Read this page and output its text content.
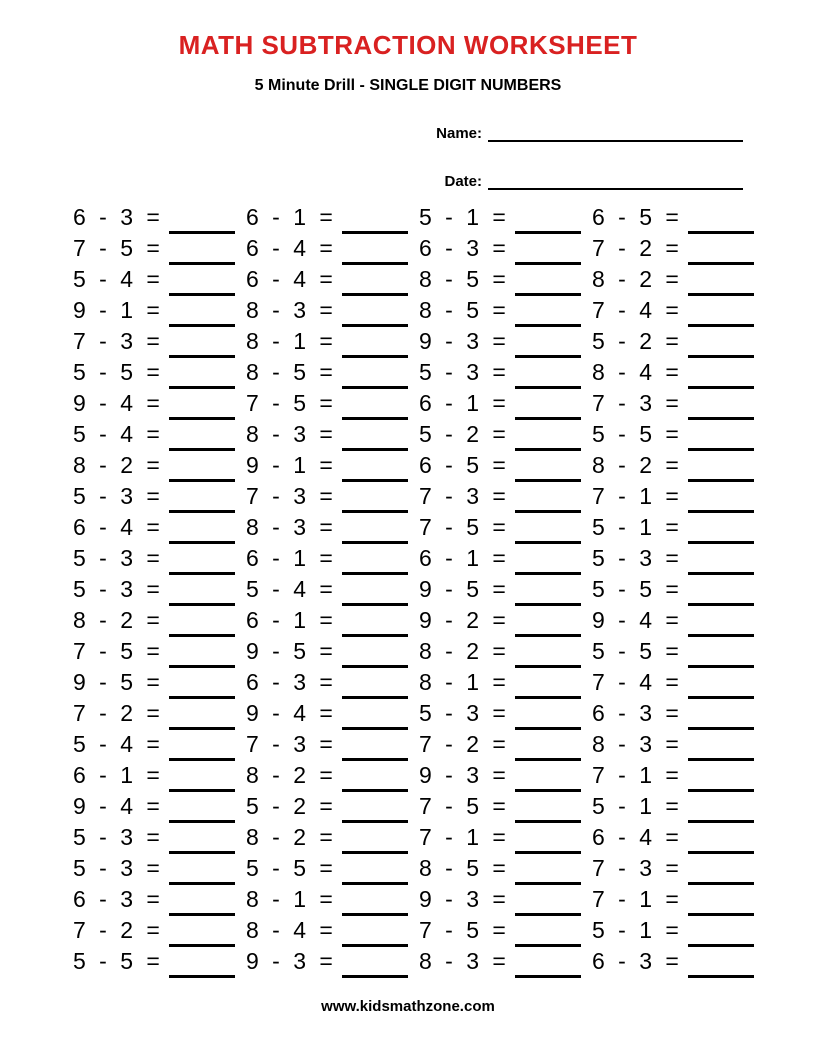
MATH SUBTRACTION WORKSHEET
5 Minute Drill - SINGLE DIGIT NUMBERS
Name:
Date:
6 - 3 =
7 - 5 =
5 - 4 =
9 - 1 =
7 - 3 =
5 - 5 =
9 - 4 =
5 - 4 =
8 - 2 =
5 - 3 =
6 - 4 =
5 - 3 =
5 - 3 =
8 - 2 =
7 - 5 =
9 - 5 =
7 - 2 =
5 - 4 =
6 - 1 =
9 - 4 =
5 - 3 =
5 - 3 =
6 - 3 =
7 - 2 =
5 - 5 =
6 - 1 =
6 - 4 =
6 - 4 =
8 - 3 =
8 - 1 =
8 - 5 =
7 - 5 =
8 - 3 =
9 - 1 =
7 - 3 =
8 - 3 =
6 - 1 =
5 - 4 =
6 - 1 =
9 - 5 =
6 - 3 =
9 - 4 =
7 - 3 =
8 - 2 =
5 - 2 =
8 - 2 =
5 - 5 =
8 - 1 =
8 - 4 =
9 - 3 =
5 - 1 =
6 - 3 =
8 - 5 =
8 - 5 =
9 - 3 =
5 - 3 =
6 - 1 =
5 - 2 =
6 - 5 =
7 - 3 =
7 - 5 =
6 - 1 =
9 - 5 =
9 - 2 =
8 - 2 =
8 - 1 =
5 - 3 =
7 - 2 =
9 - 3 =
7 - 5 =
7 - 1 =
8 - 5 =
9 - 3 =
7 - 5 =
8 - 3 =
6 - 5 =
7 - 2 =
8 - 2 =
7 - 4 =
5 - 2 =
8 - 4 =
7 - 3 =
5 - 5 =
8 - 2 =
7 - 1 =
5 - 1 =
5 - 3 =
5 - 5 =
9 - 4 =
5 - 5 =
7 - 4 =
6 - 3 =
8 - 3 =
7 - 1 =
5 - 1 =
6 - 4 =
7 - 3 =
7 - 1 =
5 - 1 =
6 - 3 =
www.kidsmathzone.com
